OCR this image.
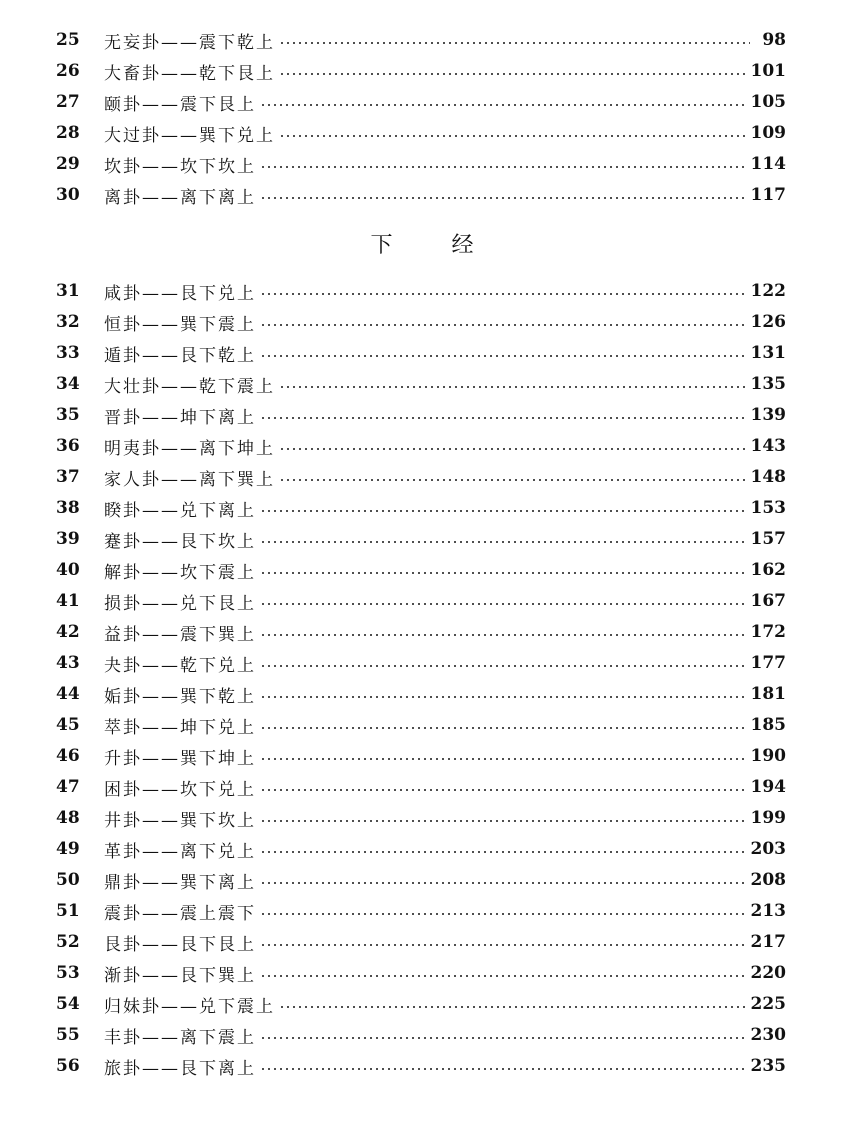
25	无妄卦——震下乾上	98
26	大畜卦——乾下艮上	101
27	颐卦——震下艮上	105
28	大过卦——巽下兑上	109
29	坎卦——坎下坎上	114
30	离卦——离下离上	117
下 经
31	咸卦——艮下兑上	122
32	恒卦——巽下震上	126
33	遁卦——艮下乾上	131
34	大壮卦——乾下震上	135
35	晋卦——坤下离上	139
36	明夷卦——离下坤上	143
37	家人卦——离下巽上	148
38	睽卦——兑下离上	153
39	蹇卦——艮下坎上	157
40	解卦——坎下震上	162
41	损卦——兑下艮上	167
42	益卦——震下巽上	172
43	夬卦——乾下兑上	177
44	姤卦——巽下乾上	181
45	萃卦——坤下兑上	185
46	升卦——巽下坤上	190
47	困卦——坎下兑上	194
48	井卦——巽下坎上	199
49	革卦——离下兑上	203
50	鼎卦——巽下离上	208
51	震卦——震上震下	213
52	艮卦——艮下艮上	217
53	渐卦——艮下巽上	220
54	归妹卦——兑下震上	225
55	丰卦——离下震上	230
56	旅卦——艮下离上	235
